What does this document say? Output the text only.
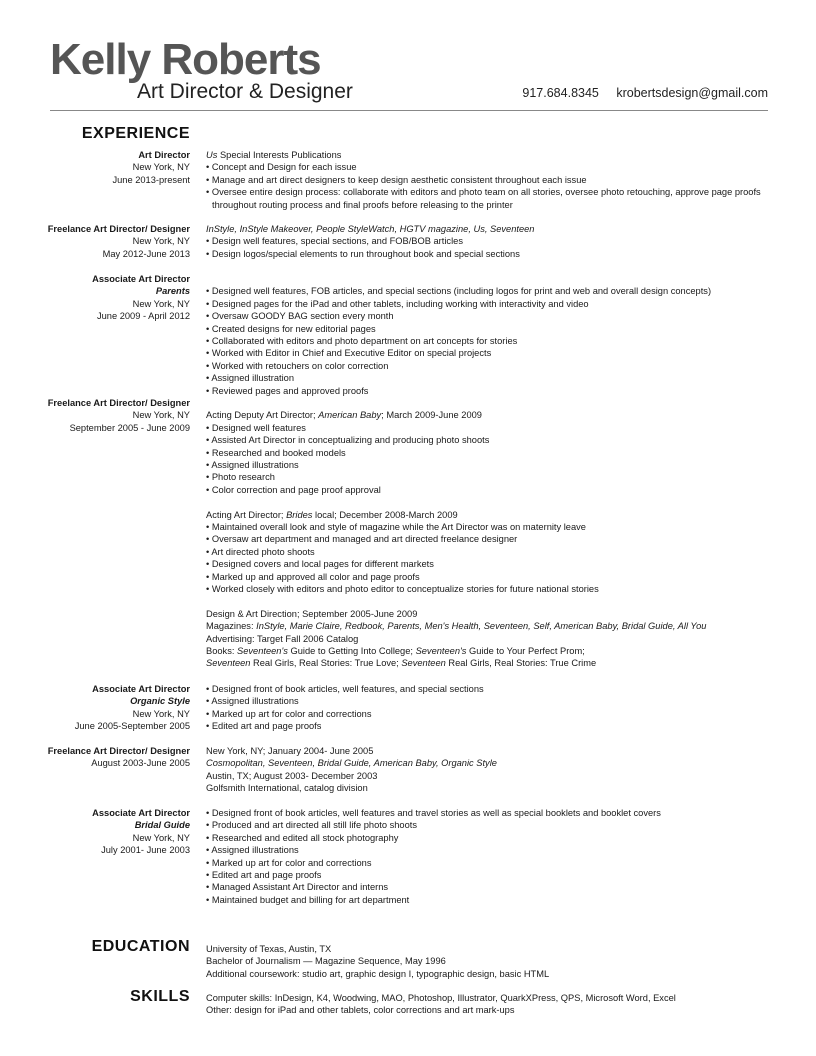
Kelly Roberts
Art Director & Designer	917.684.8345 krobertsdesign@gmail.com
EXPERIENCE
Art Director
New York, NY
June 2013-present
Us Special Interests Publications
• Concept and Design for each issue
• Manage and art direct designers to keep design aesthetic consistent throughout each issue
• Oversee entire design process: collaborate with editors and photo team on all stories, oversee photo retouching, approve page proofs throughout routing process and final proofs before releasing to the printer
Freelance Art Director/ Designer
New York, NY
May 2012-June 2013
InStyle, InStyle Makeover, People StyleWatch, HGTV magazine, Us, Seventeen
• Design well features, special sections, and FOB/BOB articles
• Design logos/special elements to run throughout book and special sections
Associate Art Director
Parents
New York, NY
June 2009 - April 2012
• Designed well features, FOB articles, and special sections (including logos for print and web and overall design concepts)
• Designed pages for the iPad and other tablets, including working with interactivity and video
• Oversaw GOODY BAG section every month
• Created designs for new editorial pages
• Collaborated with editors and photo department on art concepts for stories
• Worked with Editor in Chief and Executive Editor on special projects
• Worked with retouchers on color correction
• Assigned illustration
• Reviewed pages and approved proofs
Freelance Art Director/ Designer
New York, NY
September 2005 - June 2009
Acting Deputy Art Director; American Baby; March 2009-June 2009
• Designed well features
• Assisted Art Director in conceptualizing and producing photo shoots
• Researched and booked models
• Assigned illustrations
• Photo research
• Color correction and page proof approval
Acting Art Director; Brides local; December 2008-March 2009
• Maintained overall look and style of magazine while the Art Director was on maternity leave
• Oversaw art department and managed and art directed freelance designer
• Art directed photo shoots
• Designed covers and local pages for different markets
• Marked up and approved all color and page proofs
• Worked closely with editors and photo editor to conceptualize stories for future national stories
Design & Art Direction; September 2005-June 2009
Magazines: InStyle, Marie Claire, Redbook, Parents, Men's Health, Seventeen, Self, American Baby, Bridal Guide, All You
Advertising: Target Fall 2006 Catalog
Books: Seventeen's Guide to Getting Into College; Seventeen's Guide to Your Perfect Prom;
Seventeen Real Girls, Real Stories: True Love; Seventeen Real Girls, Real Stories: True Crime
Associate Art Director
Organic Style
New York, NY
June 2005-September 2005
• Designed front of book articles, well features, and special sections
• Assigned illustrations
• Marked up art for color and corrections
• Edited art and page proofs
Freelance Art Director/ Designer
August 2003-June 2005
New York, NY; January 2004- June 2005
Cosmopolitan, Seventeen, Bridal Guide, American Baby, Organic Style
Austin, TX; August 2003- December 2003
Golfsmith International, catalog division
Associate Art Director
Bridal Guide
New York, NY
July 2001- June 2003
• Designed front of book articles, well features and travel stories as well as special booklets and booklet covers
• Produced and art directed all still life photo shoots
• Researched and edited all stock photography
• Assigned illustrations
• Marked up art for color and corrections
• Edited art and page proofs
• Managed Assistant Art Director and interns
• Maintained budget and billing for art department
EDUCATION University of Texas, Austin, TX
Bachelor of Journalism — Magazine Sequence, May 1996
Additional coursework: studio art, graphic design I, typographic design, basic HTML
SKILLS Computer skills: InDesign, K4, Woodwing, MAO, Photoshop, Illustrator, QuarkXPress, QPS, Microsoft Word, Excel
Other: design for iPad and other tablets, color corrections and art mark-ups
